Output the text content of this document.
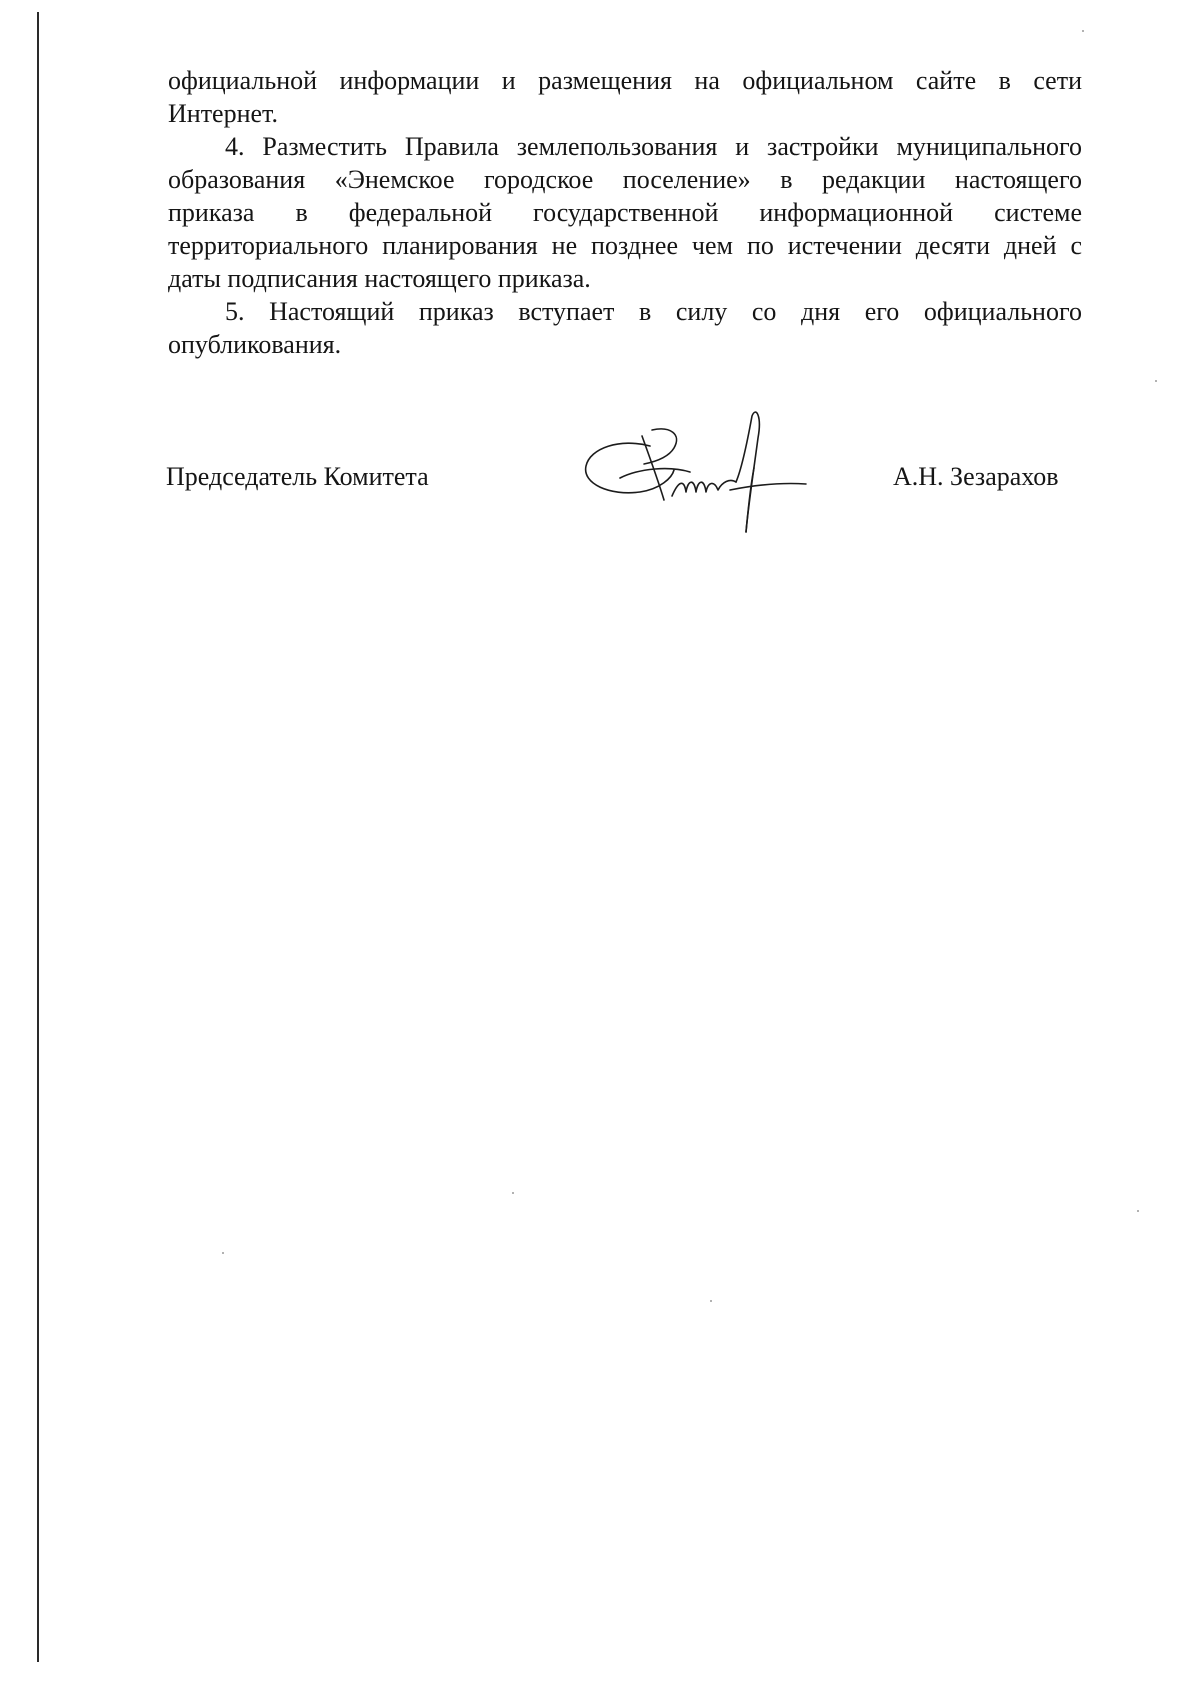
официальной информации и размещения на официальном сайте в сети
Интернет.
4. Разместить Правила землепользования и застройки муниципального
образования «Энемское городское поселение» в редакции настоящего
приказа в федеральной государственной информационной системе
территориального планирования не позднее чем по истечении десяти дней с
даты подписания настоящего приказа.
5. Настоящий приказ вступает в силу со дня его официального
опубликования.
Председатель Комитета	А.Н. Зезарахов
